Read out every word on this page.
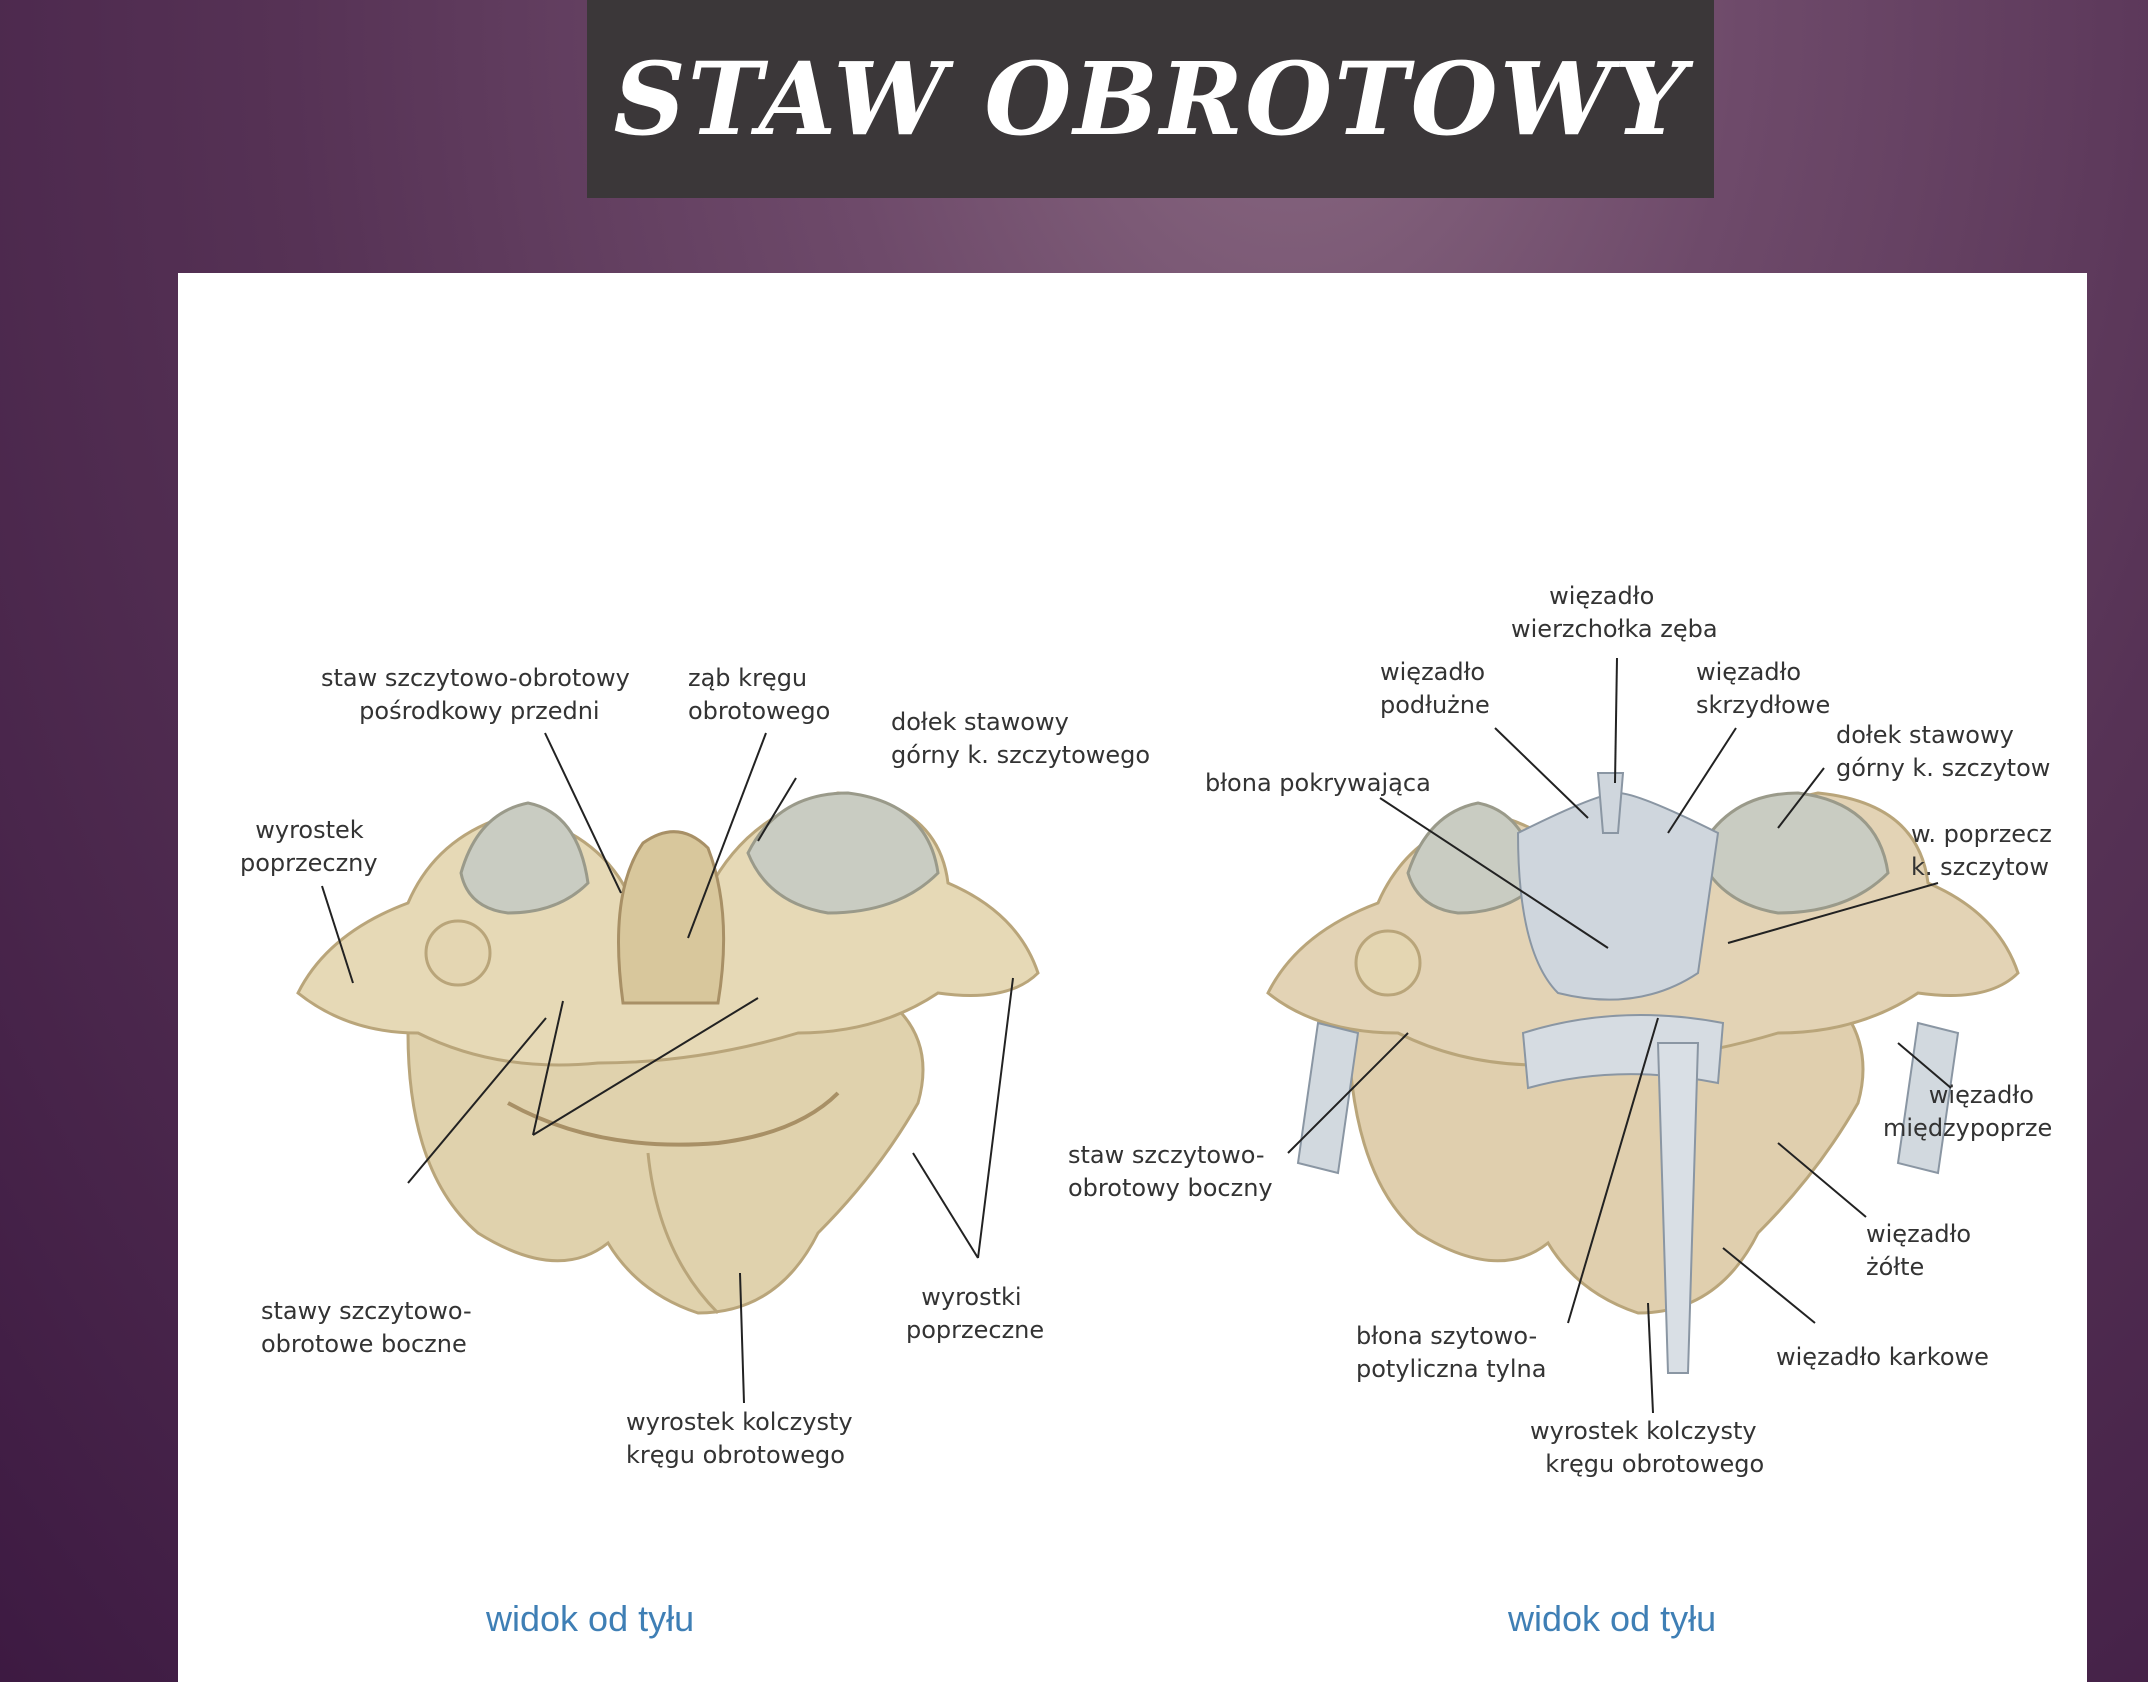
STAW OBROTOWY
staw szczytowo-obrotowy
pośrodkowy przedni
ząb kręgu
obrotowego	dołek stawowy
górny k. szczytowego
wyrostek
poprzeczny
stawy szczytowo-
obrotowe boczne
wyrostki
poprzeczne
wyrostek kolczysty
kręgu obrotowego
widok od tyłu
więzadło
wierzchołka zęba
więzadło
podłużne
więzadło
skrzydłowe
dołek stawowy
górny k. szczytow
błona pokrywająca
w. poprzecz
k. szczytow
staw szczytowo-
obrotowy boczny
więzadło
międzypoprze
więzadło
żółte
błona szytowo-
potyliczna tylna	więzadło karkowe
wyrostek kolczysty
kręgu obrotowego
widok od tyłu
